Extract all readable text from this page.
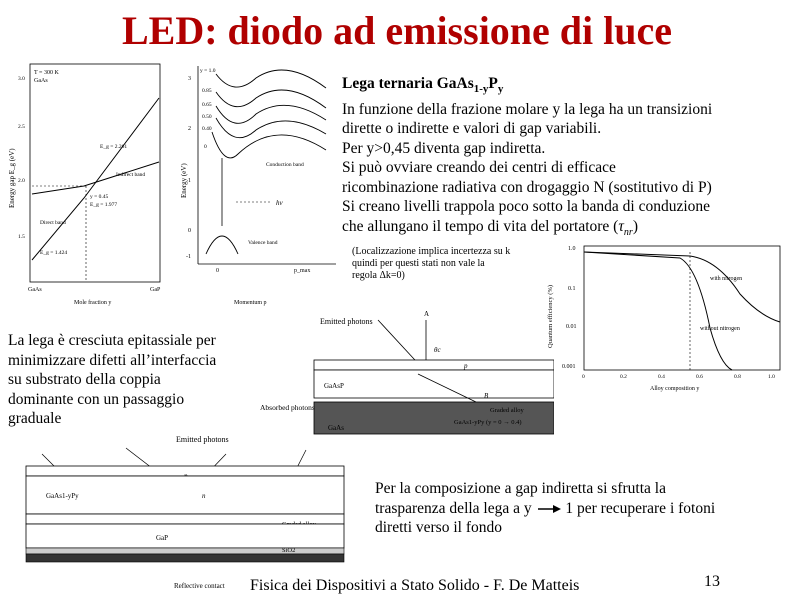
LED: diodo ad emissione di luce
Lega ternaria $GaAs_{1-y}P_y$
In funzione della frazione molare y la lega ha un transizioni
dirette o indirette e valori di gap variabili.
Per y>0,45 diventa gap indiretta.
Si può ovviare creando dei centri di efficace
ricombinazione radiativa con drogaggio N (sostitutivo di P)
Si creano livelli trappola poco sotto la banda di conduzione
che allungano il tempo di vita del portatore $(\tau_{nr})$
(Localizzazione implica incertezza su k
quindi per questi stati non vale la
regola Δk=0)
La lega è cresciuta epitassiale per
minimizzare difetti all’interfaccia
su substrato della coppia
dominante con un passaggio
graduale
Per la composizione a gap indiretta si sfrutta la
trasparenza della lega a y 1 per recuperare i fotoni
diretti verso il fondo
Fisica dei Dispositivi a Stato Solido - F. De Matteis	13
Energy gap E_g (eV)
T = 300 K
GaAs
3.0
2.5
2.0
1.5
E_g = 2.261
Indirect band
y = 0.45
E_g = 1.977
Direct band
E_g = 1.424
GaAs	GaP
Mole fraction y
Energy (eV)
3
2
1
0
-1
y = 1.0
0.85
0.65
0.50
0.40
0
Conduction band
hν
Valence band
0	p_max
Momentum p	Quantum efficiency (%)
1.0
0.1
0.01
0.001
with nitrogen
without nitrogen
0	0.2	0.4	0.6	0.8	1.0
Alloy composition y
Emitted photons
A
θc
p
GaAsP
B
GaAs
Absorbed photons	Graded alloy
GaAs1-yPy (y = 0 → 0.4)
Emitted photons
GaAs1-yPy	n
GaP
SiO2
Reflective contact
